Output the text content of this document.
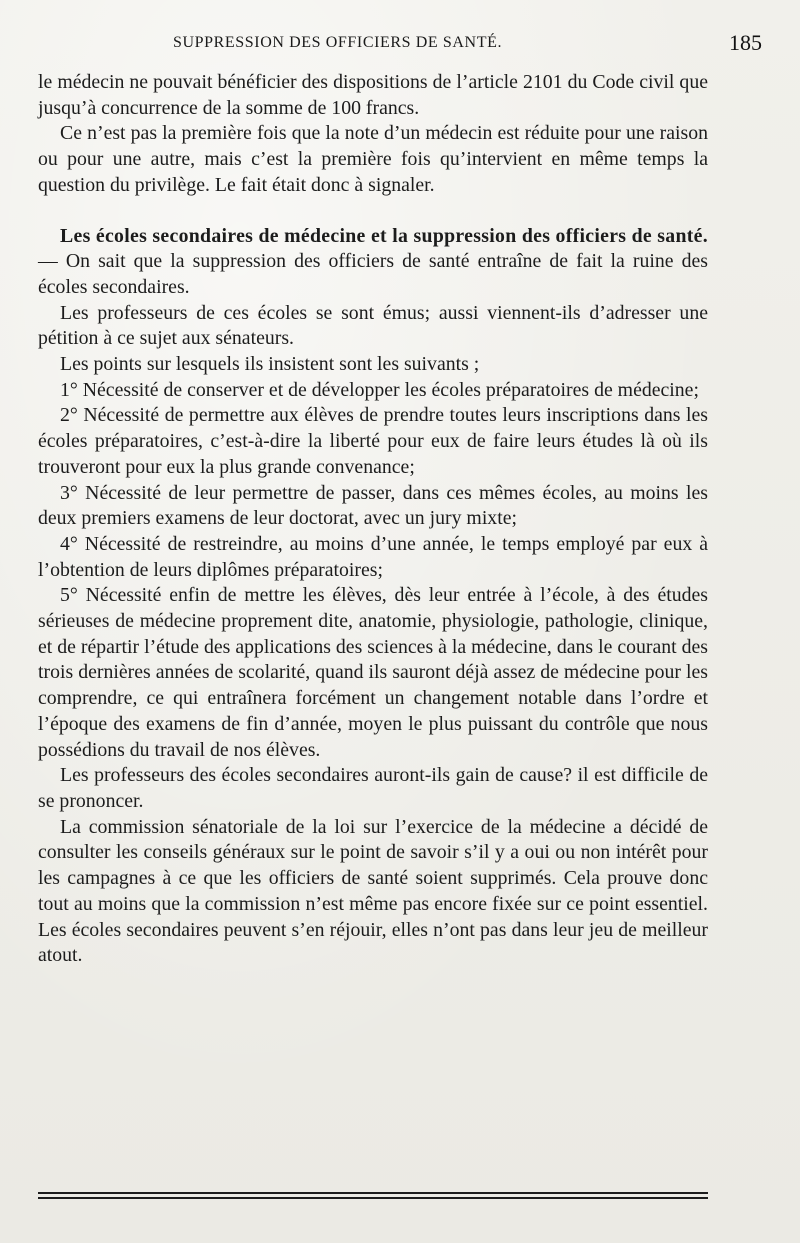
SUPPRESSION DES OFFICIERS DE SANTÉ.	185

le médecin ne pouvait bénéficier des dispositions de l’article 2101 du Code civil que jusqu’à concurrence de la somme de 100 francs.

Ce n’est pas la première fois que la note d’un médecin est réduite pour une raison ou pour une autre, mais c’est la première fois qu’intervient en même temps la question du privilège. Le fait était donc à signaler.

Les écoles secondaires de médecine et la suppression des officiers de santé. — On sait que la suppression des officiers de santé entraîne de fait la ruine des écoles secondaires.

Les professeurs de ces écoles se sont émus; aussi viennent-ils d’adresser une pétition à ce sujet aux sénateurs.

Les points sur lesquels ils insistent sont les suivants ;

1° Nécessité de conserver et de développer les écoles préparatoires de médecine;

2° Nécessité de permettre aux élèves de prendre toutes leurs inscriptions dans les écoles préparatoires, c’est-à-dire la liberté pour eux de faire leurs études là où ils trouveront pour eux la plus grande convenance;

3° Nécessité de leur permettre de passer, dans ces mêmes écoles, au moins les deux premiers examens de leur doctorat, avec un jury mixte;

4° Nécessité de restreindre, au moins d’une année, le temps employé par eux à l’obtention de leurs diplômes préparatoires;

5° Nécessité enfin de mettre les élèves, dès leur entrée à l’école, à des études sérieuses de médecine proprement dite, anatomie, physiologie, pathologie, clinique, et de répartir l’étude des applications des sciences à la médecine, dans le courant des trois dernières années de scolarité, quand ils sauront déjà assez de médecine pour les comprendre, ce qui entraînera forcément un changement notable dans l’ordre et l’époque des examens de fin d’année, moyen le plus puissant du contrôle que nous possédions du travail de nos élèves.

Les professeurs des écoles secondaires auront-ils gain de cause? il est difficile de se prononcer.

La commission sénatoriale de la loi sur l’exercice de la médecine a décidé de consulter les conseils généraux sur le point de savoir s’il y a oui ou non intérêt pour les campagnes à ce que les officiers de santé soient supprimés. Cela prouve donc tout au moins que la commission n’est même pas encore fixée sur ce point essentiel. Les écoles secondaires peuvent s’en réjouir, elles n’ont pas dans leur jeu de meilleur atout.
